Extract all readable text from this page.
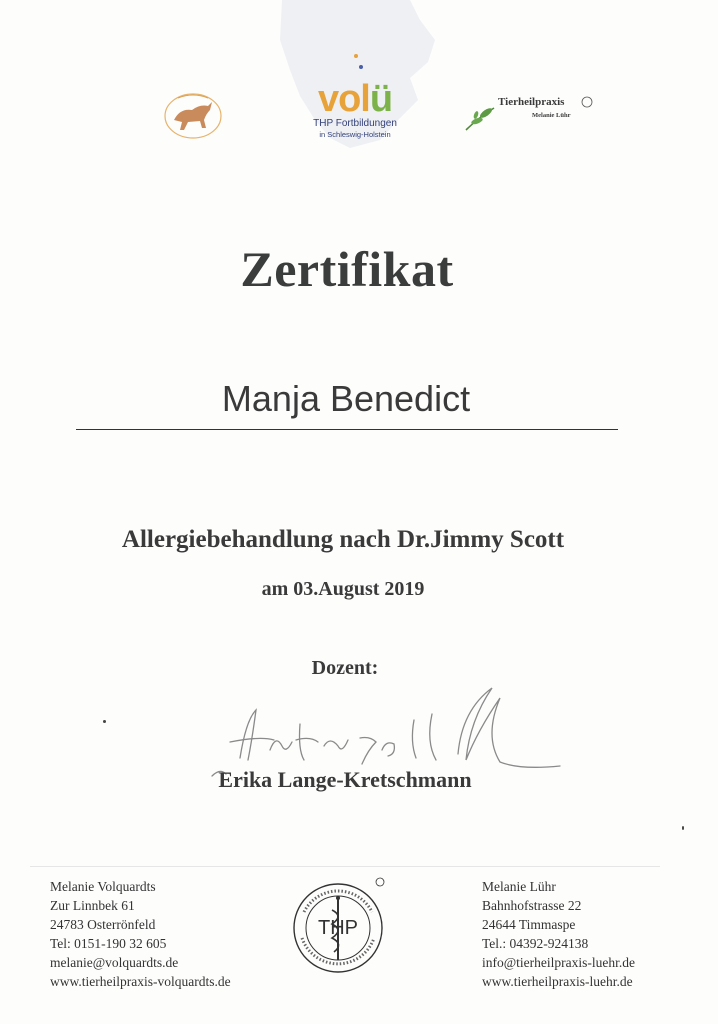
volü
THP Fortbildungen
in Schleswig-Holstein
Tierheilpraxis
Melanie Lühr
Zertifikat
Manja Benedict
Allergiebehandlung nach Dr.Jimmy Scott
am 03.August 2019
Dozent:
Erika Lange-Kretschmann
Melanie Volquardts
Zur Linnbek 61
24783 Osterrönfeld
Tel: 0151-190 32 605
melanie@volquardts.de
www.tierheilpraxis-volquardts.de
THP
Melanie Lühr
Bahnhofstrasse 22
24644 Timmaspe
Tel.: 04392-924138
info@tierheilpraxis-luehr.de
www.tierheilpraxis-luehr.de
